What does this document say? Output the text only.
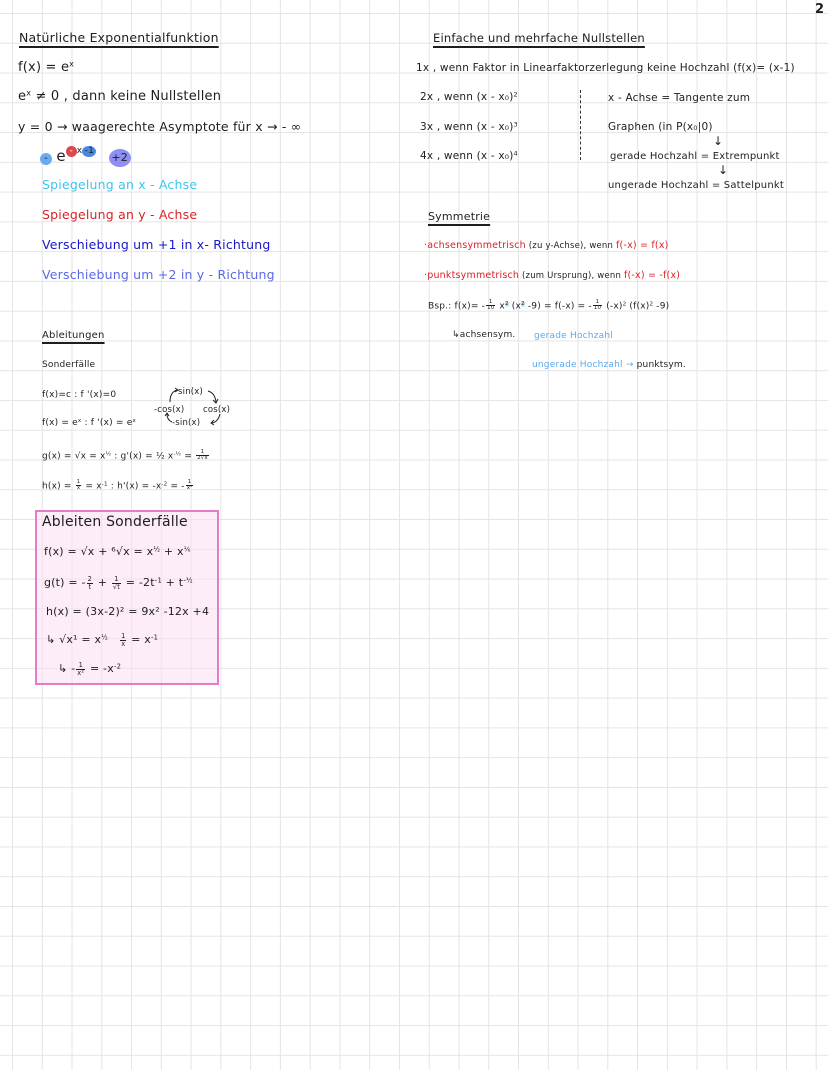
2
Natürliche Exponentialfunktion
$f(x) = e^x$
$e^x \ne 0$ , dann keine Nullstellen
y = 0 → waagerechte Asymptote für x → - ∞
- e $^{- x -1}$ +2
Spiegelung an x - Achse
Spiegelung an y - Achse
Verschiebung um +1 in x- Richtung
Verschiebung um +2 in y - Richtung
Ableitungen
Sonderfälle
f(x)=c : f '(x)=0
$f(x) = e^x$ : f '$(x) = e^x$
$g(x) = √x = x^{\frac{1}{2}}$ : g'(x) = ½ $x^{-\frac{1}{2}} = \frac{1}{2√x}$
$h(x) = \frac{1}{x} = x^{-1}$ : $h'(x) = -x^{-2}$ = - $\frac{1}{\text{x²}}$
sin(x)
cos(x)
-sin(x)
-cos(x)
Ableiten Sonderfälle
$f(x) = √x + ^6√x = x^{\frac{1}{2}} + x^{\frac{1}{6}}$
g(t) = - $\frac{2}{t} + \frac{1}{√t} = -2t^{-1} + t^{-\frac{1}{2}}$
h(x) = (3x-2)² = 9x² -12x +4
↳ $√x^1 = x^{\frac{1}{2}} \frac{1}{x} = x^{-1}$
↳ - $\frac{1}{\text{x²}} = -x^{-2}$
Einfache und mehrfache Nullstellen
1x , wenn Faktor in Linearfaktorzerlegung keine Hochzahl (f(x)= (x-1)
2x , wenn (x - x₀)$^2$
3x , wenn (x - x₀)$^3$
4x , wenn (x - x₀)$^4$
x - Achse = Tangente zum
Graphen (in P(x₀|0)
↓
gerade Hochzahl = Extrempunkt
↓
ungerade Hochzahl = Sattelpunkt
Symmetrie
·achsensymmetrisch (zu y-Achse), wenn f(-x) = f(x)
·punktsymmetrisch (zum Ursprung), wenn f(-x) = -f(x)
Bsp.: $f(x)= - \frac{1}{10} x^2$ ($x^2$ -9) = f(-x) = - $\frac{1}{10} (-x)^2$ ($f(x)^2$ -9)
↳achsensym. gerade Hochzahl
ungerade Hochzahl → punktsym.
